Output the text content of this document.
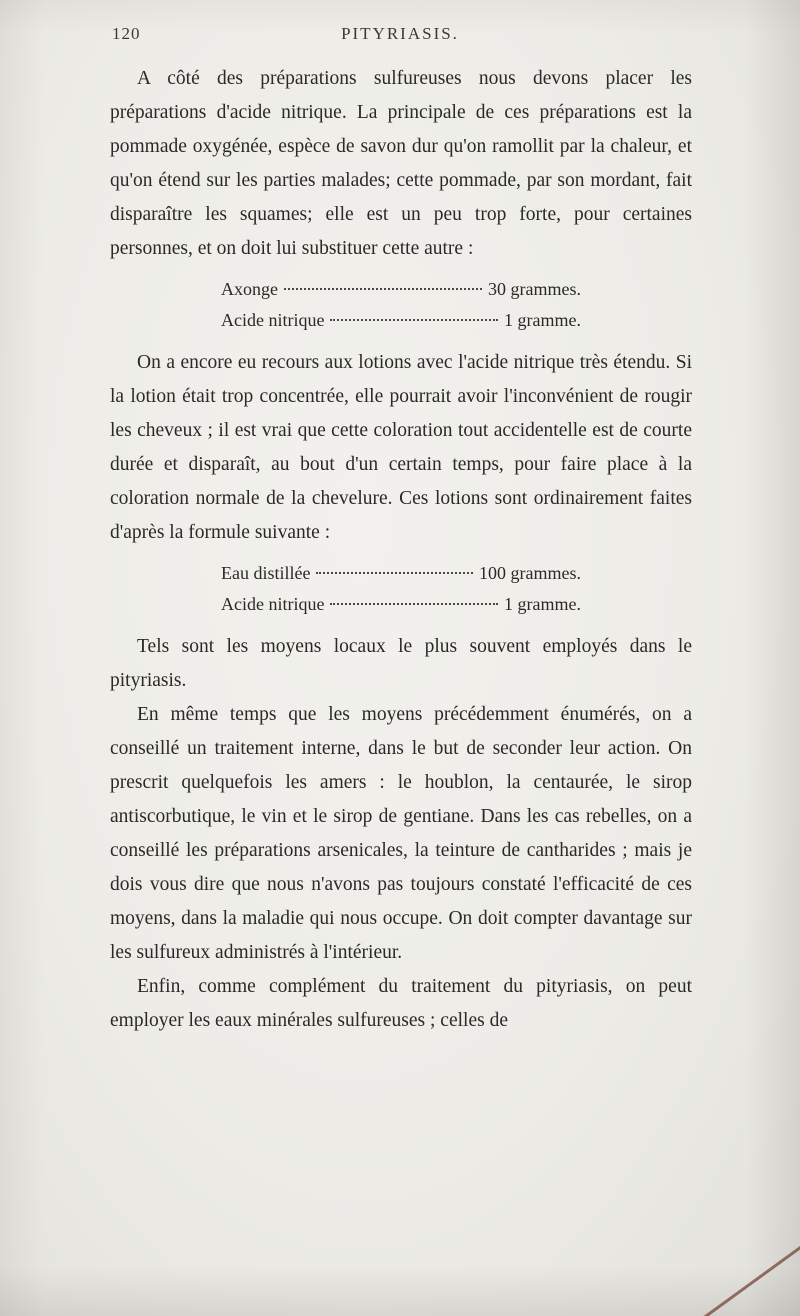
120	PITYRIASIS.

A côté des préparations sulfureuses nous devons placer les préparations d'acide nitrique. La principale de ces préparations est la pommade oxygénée, espèce de savon dur qu'on ramollit par la chaleur, et qu'on étend sur les parties malades; cette pommade, par son mordant, fait disparaître les squames; elle est un peu trop forte, pour certaines personnes, et on doit lui substituer cette autre :

Axonge	30 grammes.
Acide nitrique	1 gramme.

On a encore eu recours aux lotions avec l'acide nitrique très étendu. Si la lotion était trop concentrée, elle pourrait avoir l'inconvénient de rougir les cheveux ; il est vrai que cette coloration tout accidentelle est de courte durée et disparaît, au bout d'un certain temps, pour faire place à la coloration normale de la chevelure. Ces lotions sont ordinairement faites d'après la formule suivante :

Eau distillée	100 grammes.
Acide nitrique	1 gramme.

Tels sont les moyens locaux le plus souvent employés dans le pityriasis.

En même temps que les moyens précédemment énumérés, on a conseillé un traitement interne, dans le but de seconder leur action. On prescrit quelquefois les amers : le houblon, la centaurée, le sirop antiscorbutique, le vin et le sirop de gentiane. Dans les cas rebelles, on a conseillé les préparations arsenicales, la teinture de cantharides ; mais je dois vous dire que nous n'avons pas toujours constaté l'efficacité de ces moyens, dans la maladie qui nous occupe. On doit compter davantage sur les sulfureux administrés à l'intérieur.

Enfin, comme complément du traitement du pityriasis, on peut employer les eaux minérales sulfureuses ; celles de
